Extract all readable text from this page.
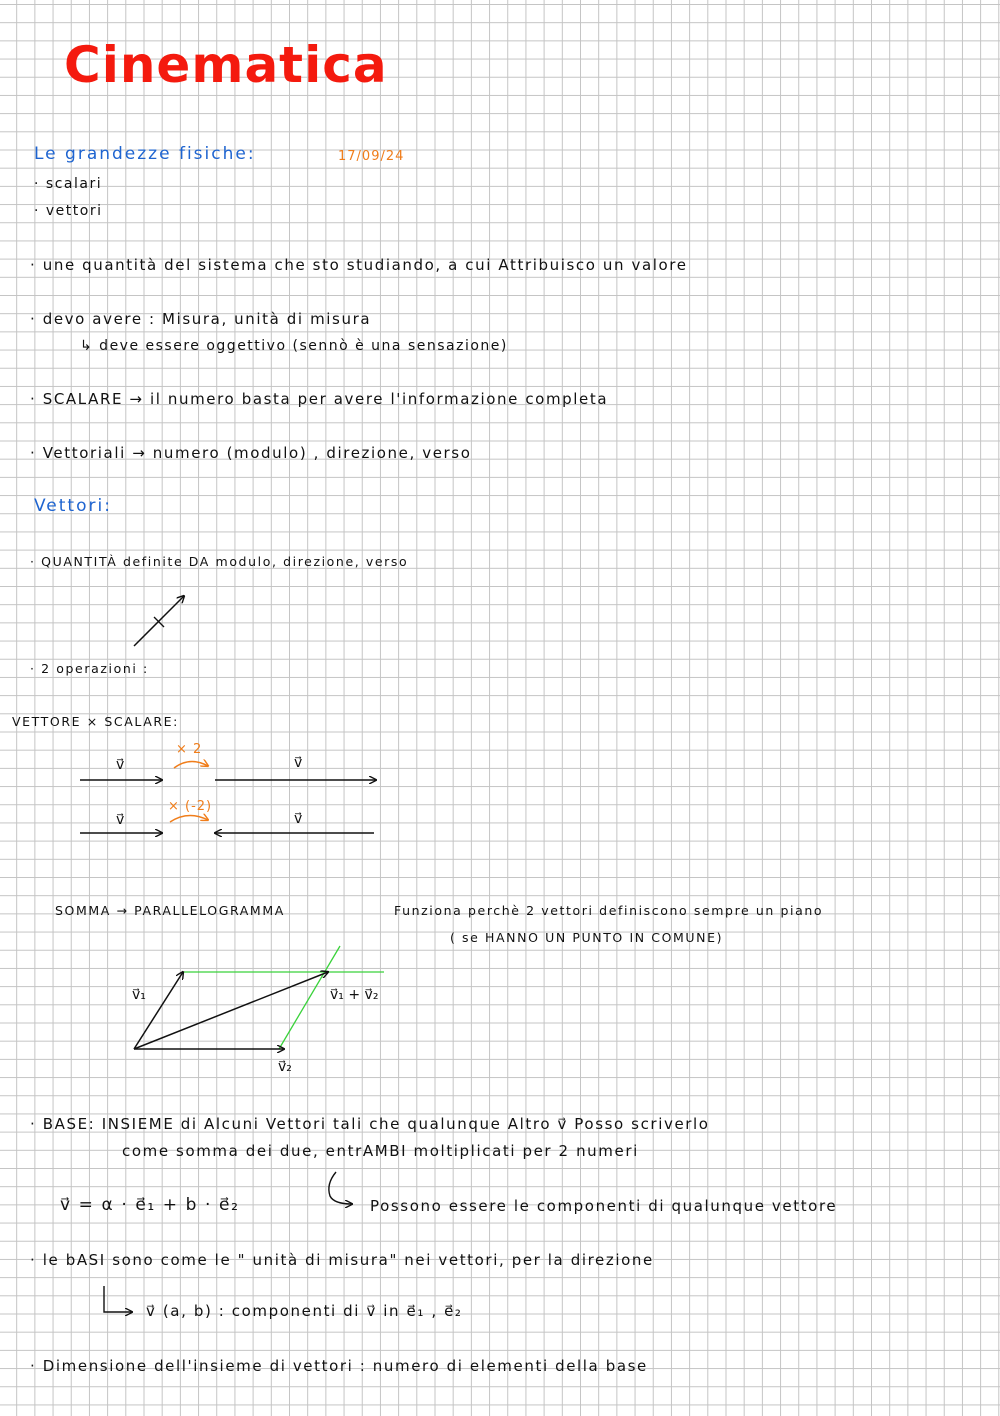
Cinematica
Le grandezze fisiche:	17/09/24
· scalari
· vettori
· une quantità del sistema che sto studiando, a cui Attribuisco un valore
· devo avere : Misura, unità di misura
↳ deve essere oggettivo (sennò è una sensazione)
· SCALARE → il numero basta per avere l'informazione completa
· Vettoriali → numero (modulo) , direzione, verso
Vettori:
· QUANTITÀ definite DA modulo, direzione, verso
· 2 operazioni :
VETTORE × SCALARE:
v⃗
× 2
v⃗
v⃗
× (-2)
v⃗
SOMMA → PARALLELOGRAMMA	Funziona perchè 2 vettori definiscono sempre un piano
( se HANNO UN PUNTO IN COMUNE)
v⃗₁
v⃗₂
v⃗₁ + v⃗₂
· BASE: INSIEME di Alcuni Vettori tali che qualunque Altro v⃗ Posso scriverlo
come somma dei due, entrAMBI moltiplicati per 2 numeri
v⃗ = α · e⃗₁ + b · e⃗₂	Possono essere le componenti di qualunque vettore
· le bASI sono come le " unità di misura" nei vettori, per la direzione
v⃗ (a, b) : componenti di v⃗ in e⃗₁ , e⃗₂
· Dimensione dell'insieme di vettori : numero di elementi della base
